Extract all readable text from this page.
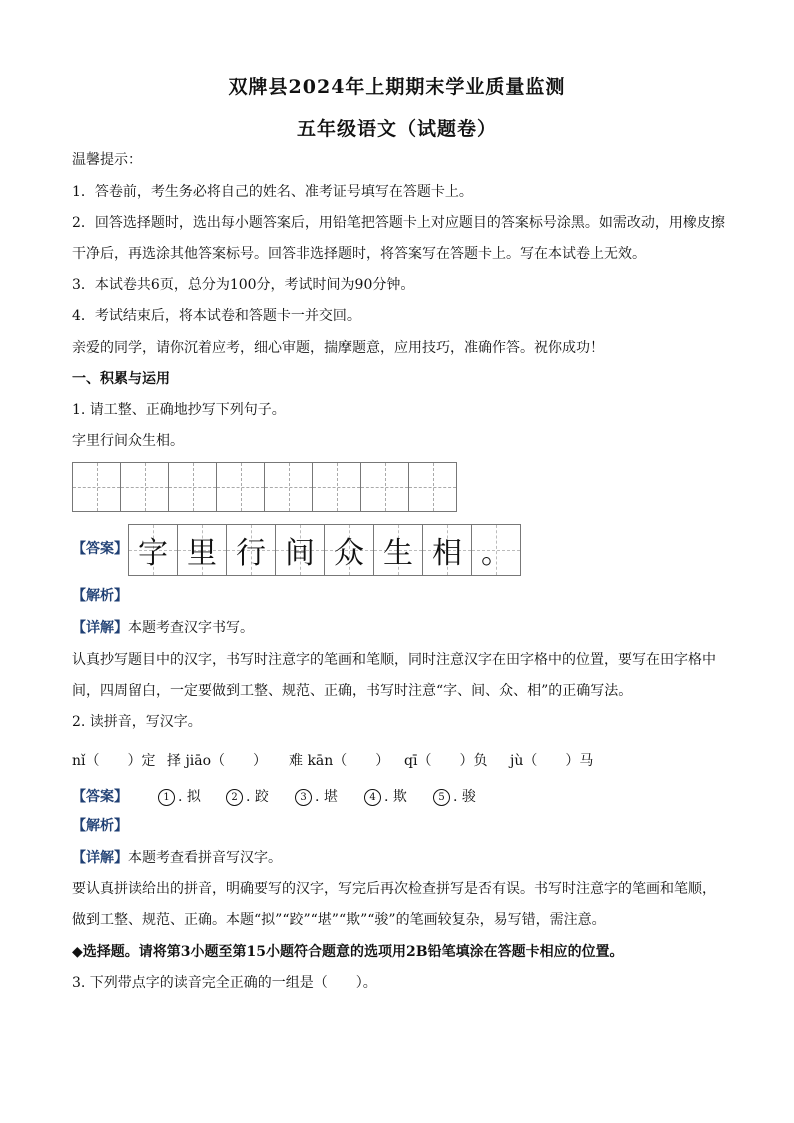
双牌县2024年上期期末学业质量监测
五年级语文（试题卷）
温馨提示：
1．答卷前，考生务必将自己的姓名、准考证号填写在答题卡上。
2．回答选择题时，选出每小题答案后，用铅笔把答题卡上对应题目的答案标号涂黑。如需改动，用橡皮擦
干净后，再选涂其他答案标号。回答非选择题时，将答案写在答题卡上。写在本试卷上无效。
3．本试卷共6页，总分为100分，考试时间为90分钟。
4．考试结束后，将本试卷和答题卡一并交回。
亲爱的同学，请你沉着应考，细心审题，揣摩题意，应用技巧，准确作答。祝你成功！
一、积累与运用
1. 请工整、正确地抄写下列句子。
字里行间众生相。
【答案】 字 里 行 间 众 生 相 。
【解析】
【详解】本题考查汉字书写。
认真抄写题目中的汉字，书写时注意字的笔画和笔顺，同时注意汉字在田字格中的位置，要写在田字格中
间，四周留白，一定要做到工整、规范、正确，书写时注意“字、间、众、相”的正确写法。
2. 读拼音，写汉字。
nǐ（　　）定 择 jiāo（　　） 难 kān（　　） qī（　　）负 jù（　　）马
【答案】	1 . 拟	2 . 跤	3 . 堪	4 . 欺	5 . 骏
【解析】
【详解】本题考查看拼音写汉字。
要认真拼读给出的拼音，明确要写的汉字，写完后再次检查拼写是否有误。书写时注意字的笔画和笔顺，
做到工整、规范、正确。本题“拟”“跤”“堪”“欺”“骏”的笔画较复杂，易写错，需注意。
◆选择题。请将第3小题至第15小题符合题意的选项用2B铅笔填涂在答题卡相应的位置。
3. 下列带点字的读音完全正确的一组是（　　）。
